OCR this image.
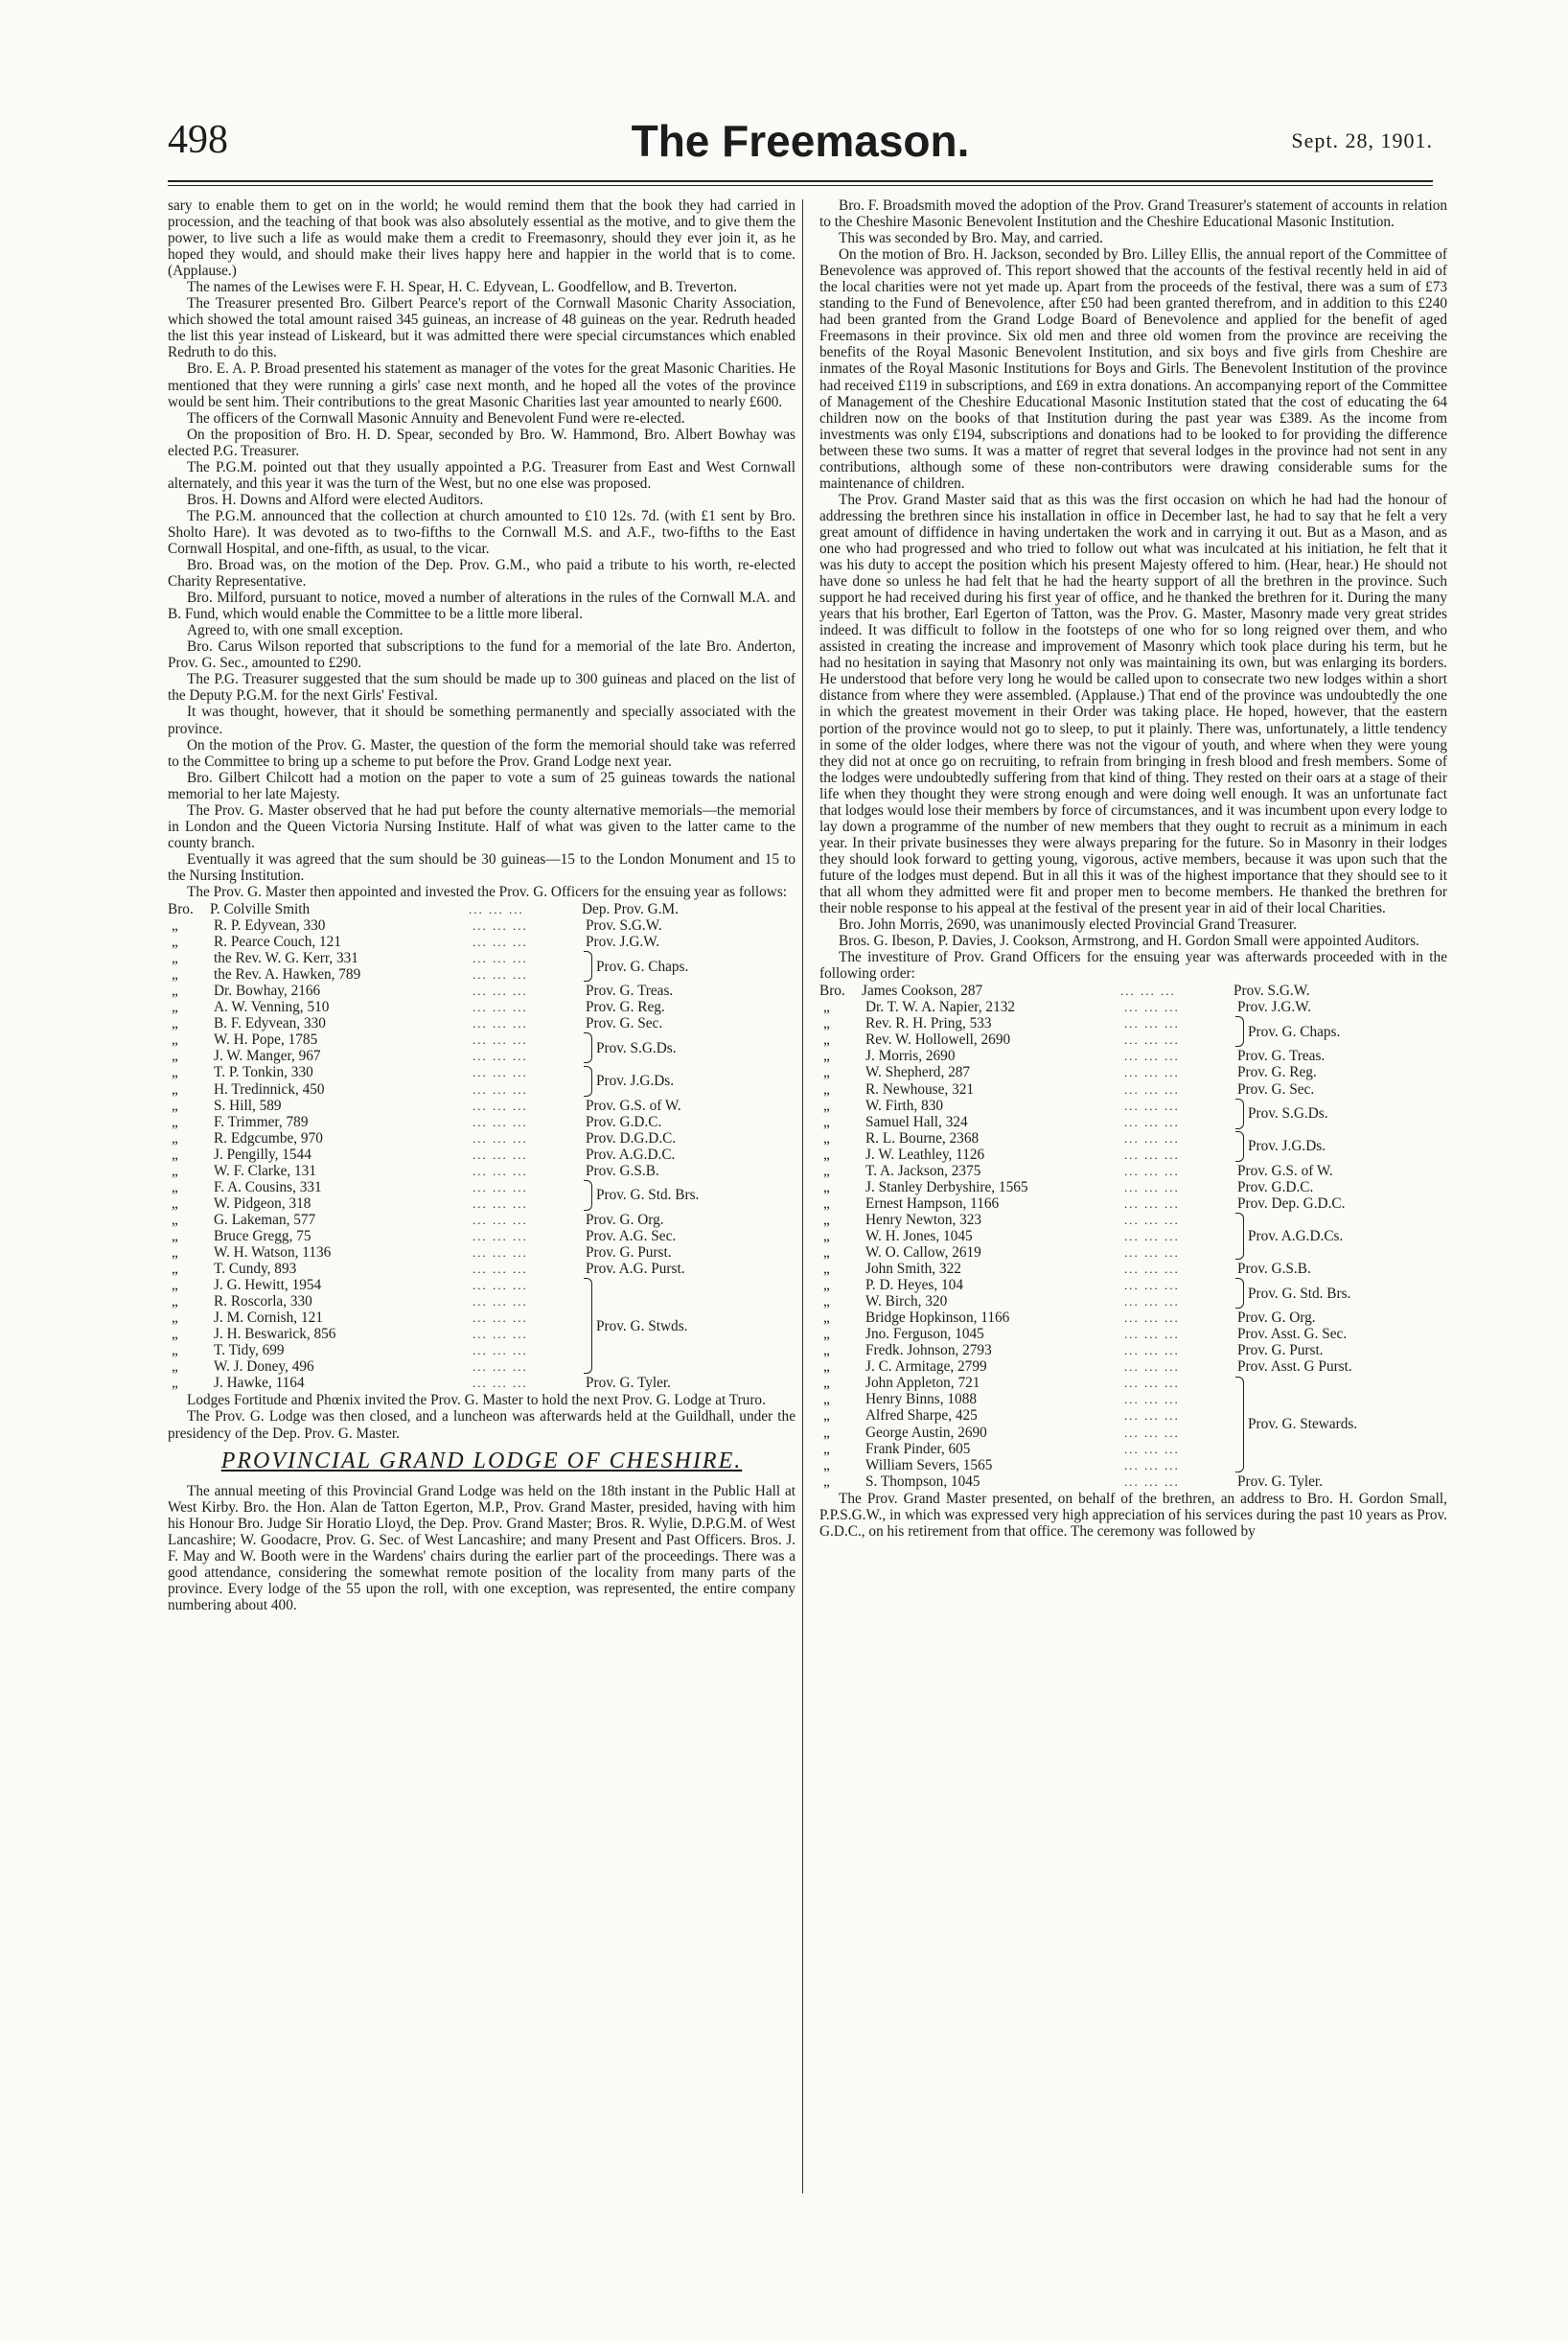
498	The Freemason.	Sept. 28, 1901.

sary to enable them to get on in the world; he would remind them that the book they had carried in procession, and the teaching of that book was also absolutely essential as the motive, and to give them the power, to live such a life as would make them a credit to Freemasonry, should they ever join it, as he hoped they would, and should make their lives happy here and happier in the world that is to come. (Applause.)

The names of the Lewises were F. H. Spear, H. C. Edyvean, L. Goodfellow, and B. Treverton.

The Treasurer presented Bro. Gilbert Pearce's report of the Cornwall Masonic Charity Association, which showed the total amount raised 345 guineas, an increase of 48 guineas on the year. Redruth headed the list this year instead of Liskeard, but it was admitted there were special circumstances which enabled Redruth to do this.

Bro. E. A. P. Broad presented his statement as manager of the votes for the great Masonic Charities. He mentioned that they were running a girls' case next month, and he hoped all the votes of the province would be sent him. Their contributions to the great Masonic Charities last year amounted to nearly £600.

The officers of the Cornwall Masonic Annuity and Benevolent Fund were re-elected.

On the proposition of Bro. H. D. Spear, seconded by Bro. W. Hammond, Bro. Albert Bowhay was elected P.G. Treasurer.

The P.G.M. pointed out that they usually appointed a P.G. Treasurer from East and West Cornwall alternately, and this year it was the turn of the West, but no one else was proposed.

Bros. H. Downs and Alford were elected Auditors.

The P.G.M. announced that the collection at church amounted to £10 12s. 7d. (with £1 sent by Bro. Sholto Hare). It was devoted as to two-fifths to the Cornwall M.S. and A.F., two-fifths to the East Cornwall Hospital, and one-fifth, as usual, to the vicar.

Bro. Broad was, on the motion of the Dep. Prov. G.M., who paid a tribute to his worth, re-elected Charity Representative.

Bro. Milford, pursuant to notice, moved a number of alterations in the rules of the Cornwall M.A. and B. Fund, which would enable the Committee to be a little more liberal.

Agreed to, with one small exception.

Bro. Carus Wilson reported that subscriptions to the fund for a memorial of the late Bro. Anderton, Prov. G. Sec., amounted to £290.

The P.G. Treasurer suggested that the sum should be made up to 300 guineas and placed on the list of the Deputy P.G.M. for the next Girls' Festival.

It was thought, however, that it should be something permanently and specially associated with the province.

On the motion of the Prov. G. Master, the question of the form the memorial should take was referred to the Committee to bring up a scheme to put before the Prov. Grand Lodge next year.

Bro. Gilbert Chilcott had a motion on the paper to vote a sum of 25 guineas towards the national memorial to her late Majesty.

The Prov. G. Master observed that he had put before the county alternative memorials—the memorial in London and the Queen Victoria Nursing Institute. Half of what was given to the latter came to the county branch.

Eventually it was agreed that the sum should be 30 guineas—15 to the London Monument and 15 to the Nursing Institution.

The Prov. G. Master then appointed and invested the Prov. G. Officers for the ensuing year as follows:

Bro.	P. Colville Smith	... ... ...	Dep. Prov. G.M.
„	R. P. Edyvean, 330	... ... ...	Prov. S.G.W.
„	R. Pearce Couch, 121	... ... ...	Prov. J.G.W.
„	the Rev. W. G. Kerr, 331	... ... ...
„	the Rev. A. Hawken, 789	... ... ...
Prov. G. Chaps.
„	Dr. Bowhay, 2166	... ... ...	Prov. G. Treas.
„	A. W. Venning, 510	... ... ...	Prov. G. Reg.
„	B. F. Edyvean, 330	... ... ...	Prov. G. Sec.
„	W. H. Pope, 1785	... ... ...
„	J. W. Manger, 967	... ... ...
Prov. S.G.Ds.
„	T. P. Tonkin, 330	... ... ...
„	H. Tredinnick, 450	... ... ...
Prov. J.G.Ds.
„	S. Hill, 589	... ... ...	Prov. G.S. of W.
„	F. Trimmer, 789	... ... ...	Prov. G.D.C.
„	R. Edgcumbe, 970	... ... ...	Prov. D.G.D.C.
„	J. Pengilly, 1544	... ... ...	Prov. A.G.D.C.
„	W. F. Clarke, 131	... ... ...	Prov. G.S.B.
„	F. A. Cousins, 331	... ... ...
„	W. Pidgeon, 318	... ... ...
Prov. G. Std. Brs.
„	G. Lakeman, 577	... ... ...	Prov. G. Org.
„	Bruce Gregg, 75	... ... ...	Prov. A.G. Sec.
„	W. H. Watson, 1136	... ... ...	Prov. G. Purst.
„	T. Cundy, 893	... ... ...	Prov. A.G. Purst.
„	J. G. Hewitt, 1954	... ... ...
„	R. Roscorla, 330	... ... ...
„	J. M. Cornish, 121	... ... ...
„	J. H. Beswarick, 856	... ... ...
„	T. Tidy, 699	... ... ...
„	W. J. Doney, 496	... ... ...
Prov. G. Stwds.
„	J. Hawke, 1164	... ... ...	Prov. G. Tyler.

Lodges Fortitude and Phœnix invited the Prov. G. Master to hold the next Prov. G. Lodge at Truro.

The Prov. G. Lodge was then closed, and a luncheon was afterwards held at the Guildhall, under the presidency of the Dep. Prov. G. Master.

PROVINCIAL GRAND LODGE OF CHESHIRE.

The annual meeting of this Provincial Grand Lodge was held on the 18th instant in the Public Hall at West Kirby. Bro. the Hon. Alan de Tatton Egerton, M.P., Prov. Grand Master, presided, having with him his Honour Bro. Judge Sir Horatio Lloyd, the Dep. Prov. Grand Master; Bros. R. Wylie, D.P.G.M. of West Lancashire; W. Goodacre, Prov. G. Sec. of West Lancashire; and many Present and Past Officers. Bros. J. F. May and W. Booth were in the Wardens' chairs during the earlier part of the proceedings. There was a good attendance, considering the somewhat remote position of the locality from many parts of the province. Every lodge of the 55 upon the roll, with one exception, was represented, the entire company numbering about 400.

Bro. F. Broadsmith moved the adoption of the Prov. Grand Treasurer's statement of accounts in relation to the Cheshire Masonic Benevolent Institution and the Cheshire Educational Masonic Institution.

This was seconded by Bro. May, and carried.

On the motion of Bro. H. Jackson, seconded by Bro. Lilley Ellis, the annual report of the Committee of Benevolence was approved of. This report showed that the accounts of the festival recently held in aid of the local charities were not yet made up. Apart from the proceeds of the festival, there was a sum of £73 standing to the Fund of Benevolence, after £50 had been granted therefrom, and in addition to this £240 had been granted from the Grand Lodge Board of Benevolence and applied for the benefit of aged Freemasons in their province. Six old men and three old women from the province are receiving the benefits of the Royal Masonic Benevolent Institution, and six boys and five girls from Cheshire are inmates of the Royal Masonic Institutions for Boys and Girls. The Benevolent Institution of the province had received £119 in subscriptions, and £69 in extra donations. An accompanying report of the Committee of Management of the Cheshire Educational Masonic Institution stated that the cost of educating the 64 children now on the books of that Institution during the past year was £389. As the income from investments was only £194, subscriptions and donations had to be looked to for providing the difference between these two sums. It was a matter of regret that several lodges in the province had not sent in any contributions, although some of these non-contributors were drawing considerable sums for the maintenance of children.

The Prov. Grand Master said that as this was the first occasion on which he had had the honour of addressing the brethren since his installation in office in December last, he had to say that he felt a very great amount of diffidence in having undertaken the work and in carrying it out. But as a Mason, and as one who had progressed and who tried to follow out what was inculcated at his initiation, he felt that it was his duty to accept the position which his present Majesty offered to him. (Hear, hear.) He should not have done so unless he had felt that he had the hearty support of all the brethren in the province. Such support he had received during his first year of office, and he thanked the brethren for it. During the many years that his brother, Earl Egerton of Tatton, was the Prov. G. Master, Masonry made very great strides indeed. It was difficult to follow in the footsteps of one who for so long reigned over them, and who assisted in creating the increase and improvement of Masonry which took place during his term, but he had no hesitation in saying that Masonry not only was maintaining its own, but was enlarging its borders. He understood that before very long he would be called upon to consecrate two new lodges within a short distance from where they were assembled. (Applause.) That end of the province was undoubtedly the one in which the greatest movement in their Order was taking place. He hoped, however, that the eastern portion of the province would not go to sleep, to put it plainly. There was, unfortunately, a little tendency in some of the older lodges, where there was not the vigour of youth, and where when they were young they did not at once go on recruiting, to refrain from bringing in fresh blood and fresh members. Some of the lodges were undoubtedly suffering from that kind of thing. They rested on their oars at a stage of their life when they thought they were strong enough and were doing well enough. It was an unfortunate fact that lodges would lose their members by force of circumstances, and it was incumbent upon every lodge to lay down a programme of the number of new members that they ought to recruit as a minimum in each year. In their private businesses they were always preparing for the future. So in Masonry in their lodges they should look forward to getting young, vigorous, active members, because it was upon such that the future of the lodges must depend. But in all this it was of the highest importance that they should see to it that all whom they admitted were fit and proper men to become members. He thanked the brethren for their noble response to his appeal at the festival of the present year in aid of their local Charities.

Bro. John Morris, 2690, was unanimously elected Provincial Grand Treasurer.

Bros. G. Ibeson, P. Davies, J. Cookson, Armstrong, and H. Gordon Small were appointed Auditors.

The investiture of Prov. Grand Officers for the ensuing year was afterwards proceeded with in the following order:

Bro.	James Cookson, 287	... ... ...	Prov. S.G.W.
„	Dr. T. W. A. Napier, 2132	... ... ...	Prov. J.G.W.
„	Rev. R. H. Pring, 533	... ... ...
„	Rev. W. Hollowell, 2690	... ... ...
Prov. G. Chaps.
„	J. Morris, 2690	... ... ...	Prov. G. Treas.
„	W. Shepherd, 287	... ... ...	Prov. G. Reg.
„	R. Newhouse, 321	... ... ...	Prov. G. Sec.
„	W. Firth, 830	... ... ...
„	Samuel Hall, 324	... ... ...
Prov. S.G.Ds.
„	R. L. Bourne, 2368	... ... ...
„	J. W. Leathley, 1126	... ... ...
Prov. J.G.Ds.
„	T. A. Jackson, 2375	... ... ...	Prov. G.S. of W.
„	J. Stanley Derbyshire, 1565	... ... ...	Prov. G.D.C.
„	Ernest Hampson, 1166	... ... ...	Prov. Dep. G.D.C.
„	Henry Newton, 323	... ... ...
„	W. H. Jones, 1045	... ... ...
„	W. O. Callow, 2619	... ... ...
Prov. A.G.D.Cs.
„	John Smith, 322	... ... ...	Prov. G.S.B.
„	P. D. Heyes, 104	... ... ...
„	W. Birch, 320	... ... ...
Prov. G. Std. Brs.
„	Bridge Hopkinson, 1166	... ... ...	Prov. G. Org.
„	Jno. Ferguson, 1045	... ... ...	Prov. Asst. G. Sec.
„	Fredk. Johnson, 2793	... ... ...	Prov. G. Purst.
„	J. C. Armitage, 2799	... ... ...	Prov. Asst. G Purst.
„	John Appleton, 721	... ... ...
„	Henry Binns, 1088	... ... ...
„	Alfred Sharpe, 425	... ... ...
„	George Austin, 2690	... ... ...
„	Frank Pinder, 605	... ... ...
„	William Severs, 1565	... ... ...
Prov. G. Stewards.
„	S. Thompson, 1045	... ... ...	Prov. G. Tyler.

The Prov. Grand Master presented, on behalf of the brethren, an address to Bro. H. Gordon Small, P.P.S.G.W., in which was expressed very high appreciation of his services during the past 10 years as Prov. G.D.C., on his retirement from that office. The ceremony was followed by
